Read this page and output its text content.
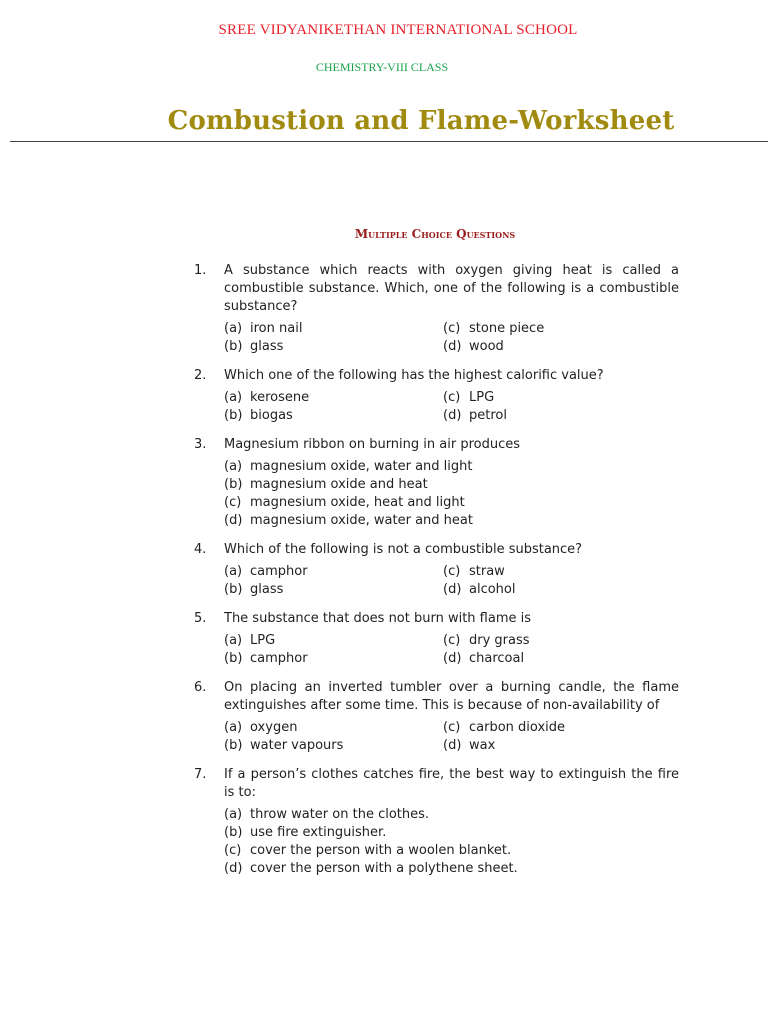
SREE VIDYANIKETHAN INTERNATIONAL SCHOOL
CHEMISTRY-VIII CLASS
Combustion and Flame-Worksheet
Multiple Choice Questions
1. A substance which reacts with oxygen giving heat is called a combustible substance. Which, one of the following is a combustible substance?
(a) iron nail	(c) stone piece
(b) glass	(d) wood
2. Which one of the following has the highest calorific value?
(a) kerosene	(c) LPG
(b) biogas	(d) petrol
3. Magnesium ribbon on burning in air produces
(a) magnesium oxide, water and light
(b) magnesium oxide and heat
(c) magnesium oxide, heat and light
(d) magnesium oxide, water and heat
4. Which of the following is not a combustible substance?
(a) camphor	(c) straw
(b) glass	(d) alcohol
5. The substance that does not burn with flame is
(a) LPG	(c) dry grass
(b) camphor	(d) charcoal
6. On placing an inverted tumbler over a burning candle, the flame extinguishes after some time. This is because of non-availability of
(a) oxygen	(c) carbon dioxide
(b) water vapours	(d) wax
7. If a person’s clothes catches fire, the best way to extinguish the fire is to:
(a) throw water on the clothes.
(b) use fire extinguisher.
(c) cover the person with a woolen blanket.
(d) cover the person with a polythene sheet.
